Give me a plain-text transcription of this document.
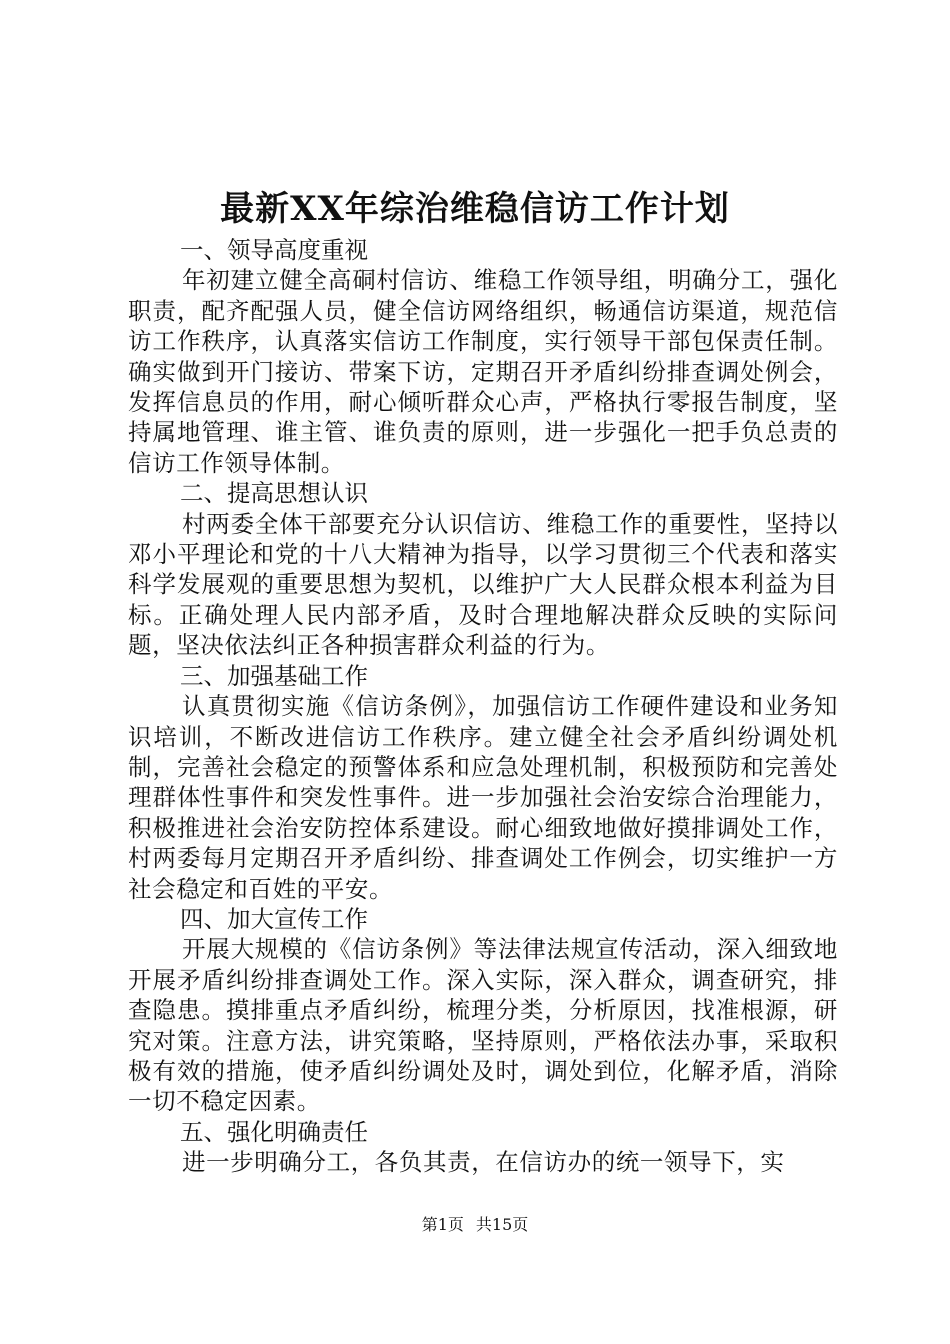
最新XX年综治维稳信访工作计划

一、领导高度重视

年初建立健全高硐村信访、维稳工作领导组，明确分工，强化职责，配齐配强人员，健全信访网络组织，畅通信访渠道，规范信访工作秩序，认真落实信访工作制度，实行领导干部包保责任制。确实做到开门接访、带案下访，定期召开矛盾纠纷排查调处例会，发挥信息员的作用，耐心倾听群众心声，严格执行零报告制度，坚持属地管理、谁主管、谁负责的原则，进一步强化一把手负总责的信访工作领导体制。

二、提高思想认识

村两委全体干部要充分认识信访、维稳工作的重要性，坚持以邓小平理论和党的十八大精神为指导，以学习贯彻三个代表和落实科学发展观的重要思想为契机，以维护广大人民群众根本利益为目标。正确处理人民内部矛盾，及时合理地解决群众反映的实际问题，坚决依法纠正各种损害群众利益的行为。

三、加强基础工作

认真贯彻实施《信访条例》，加强信访工作硬件建设和业务知识培训，不断改进信访工作秩序。建立健全社会矛盾纠纷调处机制，完善社会稳定的预警体系和应急处理机制，积极预防和完善处理群体性事件和突发性事件。进一步加强社会治安综合治理能力，积极推进社会治安防控体系建设。耐心细致地做好摸排调处工作，村两委每月定期召开矛盾纠纷、排查调处工作例会，切实维护一方社会稳定和百姓的平安。

四、加大宣传工作

开展大规模的《信访条例》等法律法规宣传活动，深入细致地开展矛盾纠纷排查调处工作。深入实际，深入群众，调查研究，排查隐患。摸排重点矛盾纠纷，梳理分类，分析原因，找准根源，研究对策。注意方法，讲究策略，坚持原则，严格依法办事，采取积极有效的措施，使矛盾纠纷调处及时，调处到位，化解矛盾，消除一切不稳定因素。

五、强化明确责任

进一步明确分工，各负其责，在信访办的统一领导下，实

第1页 共15页
